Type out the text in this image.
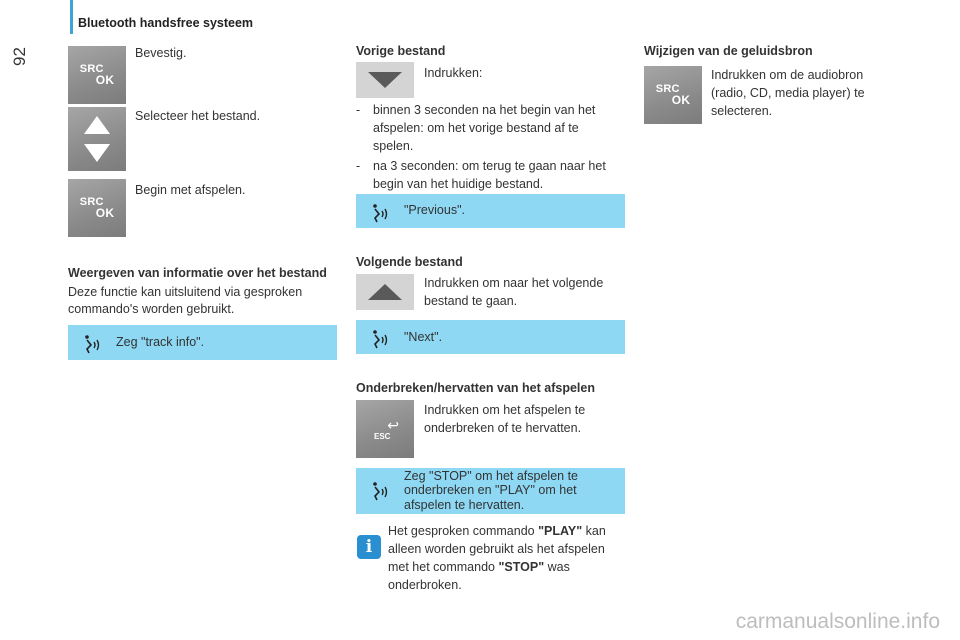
92
Bluetooth handsfree systeem
SRC
OK
Bevestig.
Selecteer het bestand.
SRC
OK
Begin met afspelen.
Weergeven van informatie over het bestand
Deze functie kan uitsluitend via gesproken
commando's worden gebruikt.
Zeg "track info".
Vorige bestand
Indrukken:
- binnen 3 seconden na het begin van het
afspelen: om het vorige bestand af te
spelen.
- na 3 seconden: om terug te gaan naar het
begin van het huidige bestand.
"Previous".
Volgende bestand
Indrukken om naar het volgende
bestand te gaan.
"Next".
Onderbreken/hervatten van het afspelen
ESC
↩
Indrukken om het afspelen te
onderbreken of te hervatten.
Zeg "STOP" om het afspelen te
onderbreken en "PLAY" om het
afspelen te hervatten.
i
Het gesproken commando "PLAY" kan
alleen worden gebruikt als het afspelen
met het commando "STOP" was
onderbroken.
Wijzigen van de geluidsbron
SRC
OK
Indrukken om de audiobron
(radio, CD, media player) te
selecteren.
carmanualsonline.info
